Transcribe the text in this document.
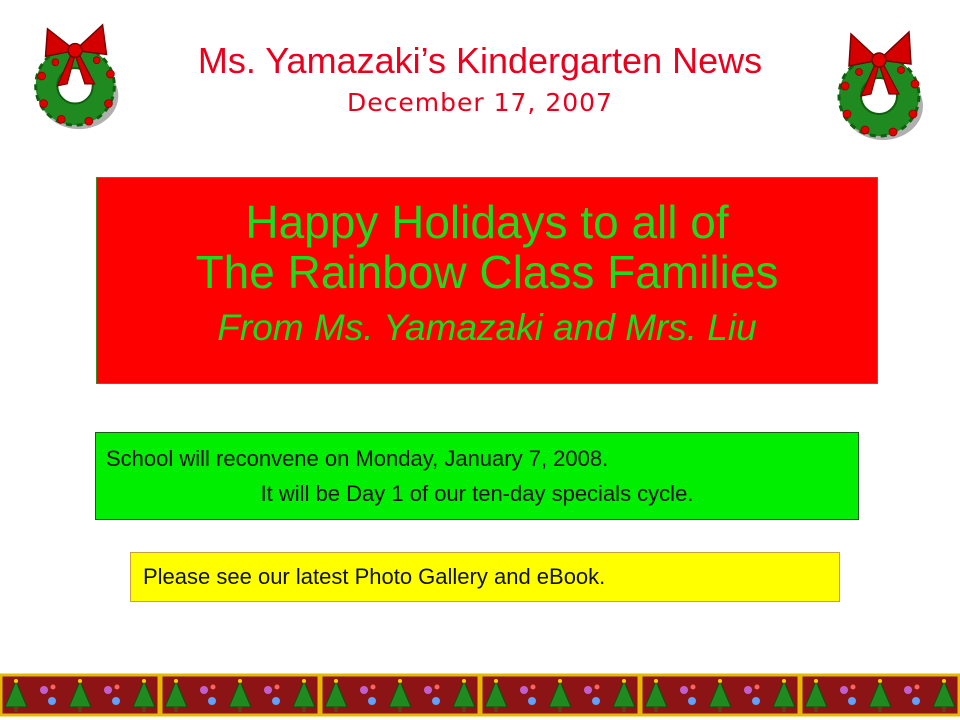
Ms. Yamazaki’s Kindergarten News
December 17, 2007
Happy Holidays to all of
The Rainbow Class Families
From Ms. Yamazaki and Mrs. Liu
School will reconvene on Monday, January 7, 2008.
It will be Day 1 of our ten-day specials cycle.
Please see our latest Photo Gallery and eBook.
